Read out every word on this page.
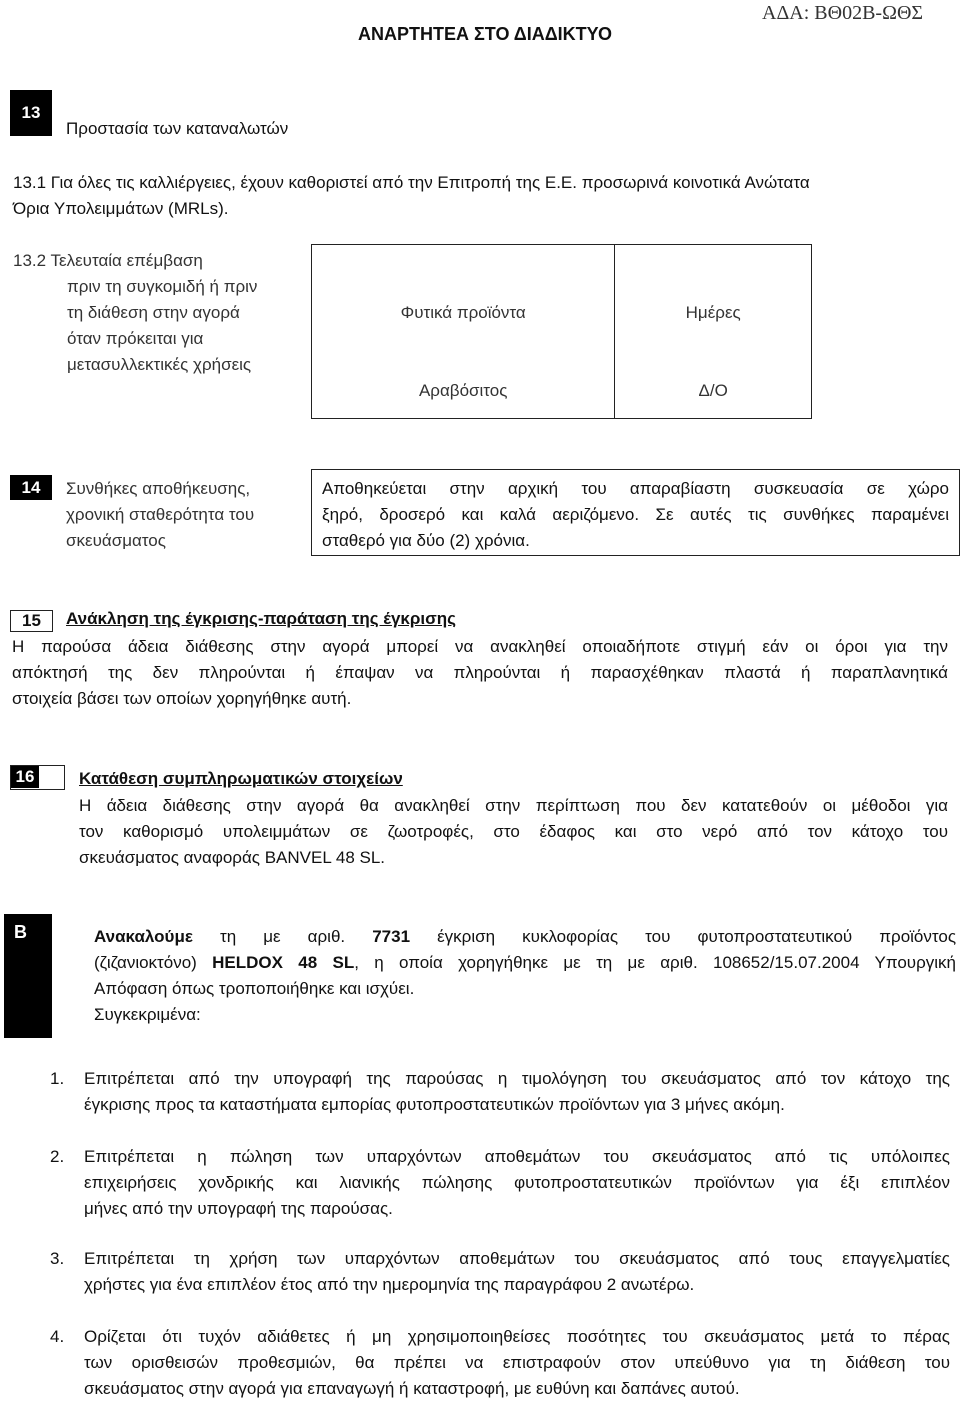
ΑΝΑΡΤΗΤΕΑ ΣΤΟ ΔΙΑΔΙΚΤΥΟ
ΑΔΑ: ΒΘ02Β-ΩΘΣ
13
Προστασία των καταναλωτών
13.1 Για όλες τις καλλιέργειες, έχουν καθοριστεί από την Επιτροπή της Ε.Ε. προσωρινά κοινοτικά Ανώτατα
Όρια Υπολειμμάτων (MRLs).
13.2 Τελευταία επέμβαση
πριν τη συγκομιδή ή πριν
τη διάθεση στην αγορά
όταν πρόκειται για
μετασυλλεκτικές χρήσεις
Φυτικά προϊόντα	Ημέρες
Αραβόσιτος	Δ/Ο
14	Συνθήκες αποθήκευσης,
χρονική σταθερότητα του
σκευάσματος
Αποθηκεύεται στην αρχική του απαραβίαστη συσκευασία σε χώρο
ξηρό, δροσερό και καλά αεριζόμενο. Σε αυτές τις συνθήκες παραμένει
σταθερό για δύο (2) χρόνια.
15	Ανάκληση της έγκρισης-παράταση της έγκρισης
Η παρούσα άδεια διάθεσης στην αγορά μπορεί να ανακληθεί οποιαδήποτε στιγμή εάν οι όροι για την
απόκτησή της δεν πληρούνται ή έπαψαν να πληρούνται ή παρασχέθηκαν πλαστά ή παραπλανητικά
στοιχεία βάσει των οποίων χορηγήθηκε αυτή.
16	Κατάθεση συμπληρωματικών στοιχείων
Η άδεια διάθεσης στην αγορά θα ανακληθεί στην περίπτωση που δεν κατατεθούν οι μέθοδοι για
τον καθορισμό υπολειμμάτων σε ζωοτροφές, στο έδαφος και στο νερό από τον κάτοχο του
σκευάσματος αναφοράς BANVEL 48 SL.
Β	Ανακαλούμε τη με αριθ. 7731 έγκριση κυκλοφορίας του φυτοπροστατευτικού προϊόντος
(ζιζανιοκτόνο) HELDOX 48 SL, η οποία χορηγήθηκε με τη με αριθ. 108652/15.07.2004 Υπουργική
Απόφαση όπως τροποποιήθηκε και ισχύει.
Συγκεκριμένα:
1.	Επιτρέπεται από την υπογραφή της παρούσας η τιμολόγηση του σκευάσματος από τον κάτοχο της
έγκρισης προς τα καταστήματα εμπορίας φυτοπροστατευτικών προϊόντων για 3 μήνες ακόμη.
2.	Επιτρέπεται η πώληση των υπαρχόντων αποθεμάτων του σκευάσματος από τις υπόλοιπες
επιχειρήσεις χονδρικής και λιανικής πώλησης φυτοπροστατευτικών προϊόντων για έξι επιπλέον
μήνες από την υπογραφή της παρούσας.
3.	Επιτρέπεται τη χρήση των υπαρχόντων αποθεμάτων του σκευάσματος από τους επαγγελματίες
χρήστες για ένα επιπλέον έτος από την ημερομηνία της παραγράφου 2 ανωτέρω.
4.	Ορίζεται ότι τυχόν αδιάθετες ή μη χρησιμοποιηθείσες ποσότητες του σκευάσματος μετά το πέρας
των ορισθεισών προθεσμιών, θα πρέπει να επιστραφούν στον υπεύθυνο για τη διάθεση του
σκευάσματος στην αγορά για επαναγωγή ή καταστροφή, με ευθύνη και δαπάνες αυτού.
